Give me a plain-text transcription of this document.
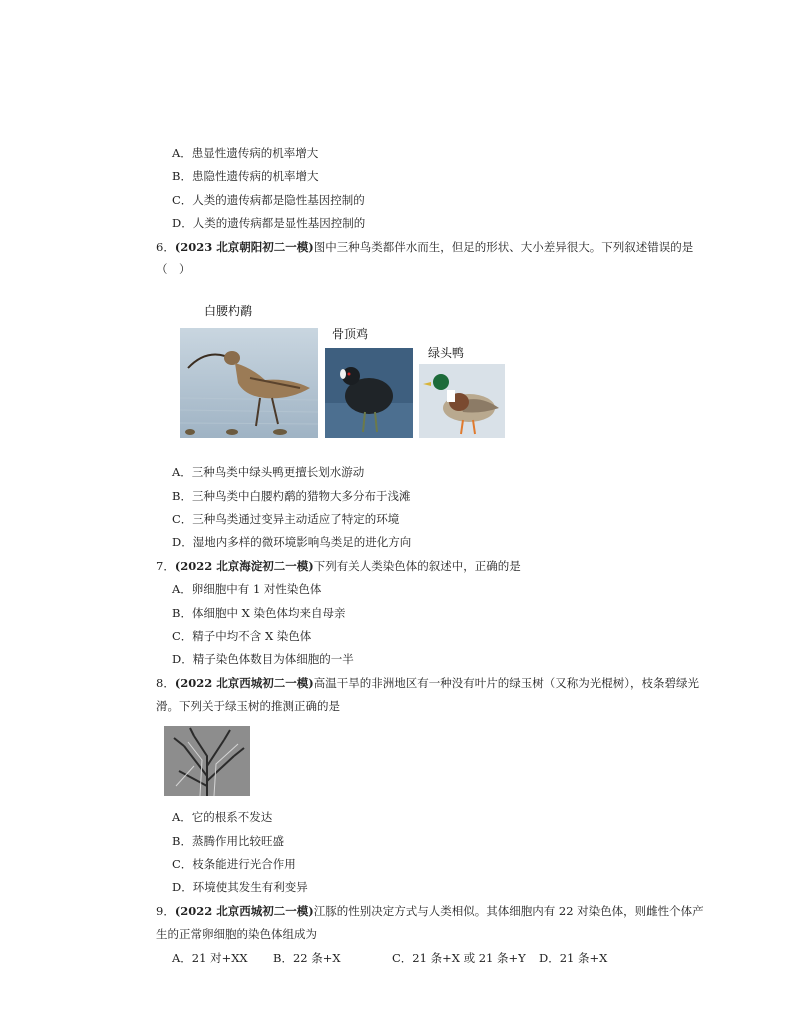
A．患显性遗传病的机率增大
B．患隐性遗传病的机率增大
C．人类的遗传病都是隐性基因控制的
D．人类的遗传病都是显性基因控制的
6．(2023 北京朝阳初二一模)图中三种鸟类都伴水而生，但足的形状、大小差异很大。下列叙述错误的是
（　）
白腰杓鹬
骨顶鸡
绿头鸭
A．三种鸟类中绿头鸭更擅长划水游动
B．三种鸟类中白腰杓鹬的猎物大多分布于浅滩
C．三种鸟类通过变异主动适应了特定的环境
D．湿地内多样的微环境影响鸟类足的进化方向
7．(2022 北京海淀初二一模)下列有关人类染色体的叙述中，正确的是
A．卵细胞中有 1 对性染色体
B．体细胞中 X 染色体均来自母亲
C．精子中均不含 X 染色体
D．精子染色体数目为体细胞的一半
8．(2022 北京西城初二一模)高温干旱的非洲地区有一种没有叶片的绿玉树（又称为光棍树），枝条碧绿光
滑。下列关于绿玉树的推测正确的是
A．它的根系不发达
B．蒸腾作用比较旺盛
C．枝条能进行光合作用
D．环境使其发生有利变异
9．(2022 北京西城初二一模)江豚的性别决定方式与人类相似。其体细胞内有 22 对染色体，则雌性个体产
生的正常卵细胞的染色体组成为
A．21 对+XX B．22 条+X	C．21 条+X 或 21 条+Y D．21 条+X
